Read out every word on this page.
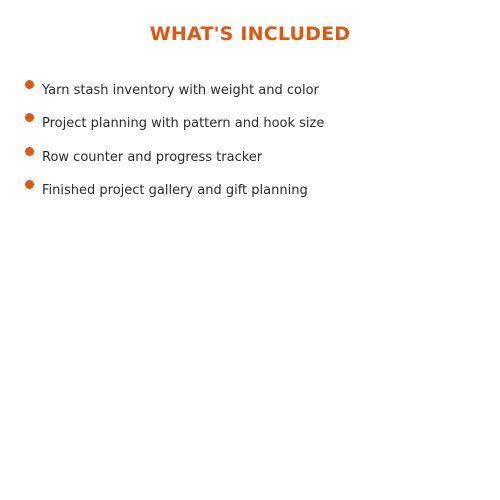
WHAT'S INCLUDED
Yarn stash inventory with weight and color
Project planning with pattern and hook size
Row counter and progress tracker
Finished project gallery and gift planning
